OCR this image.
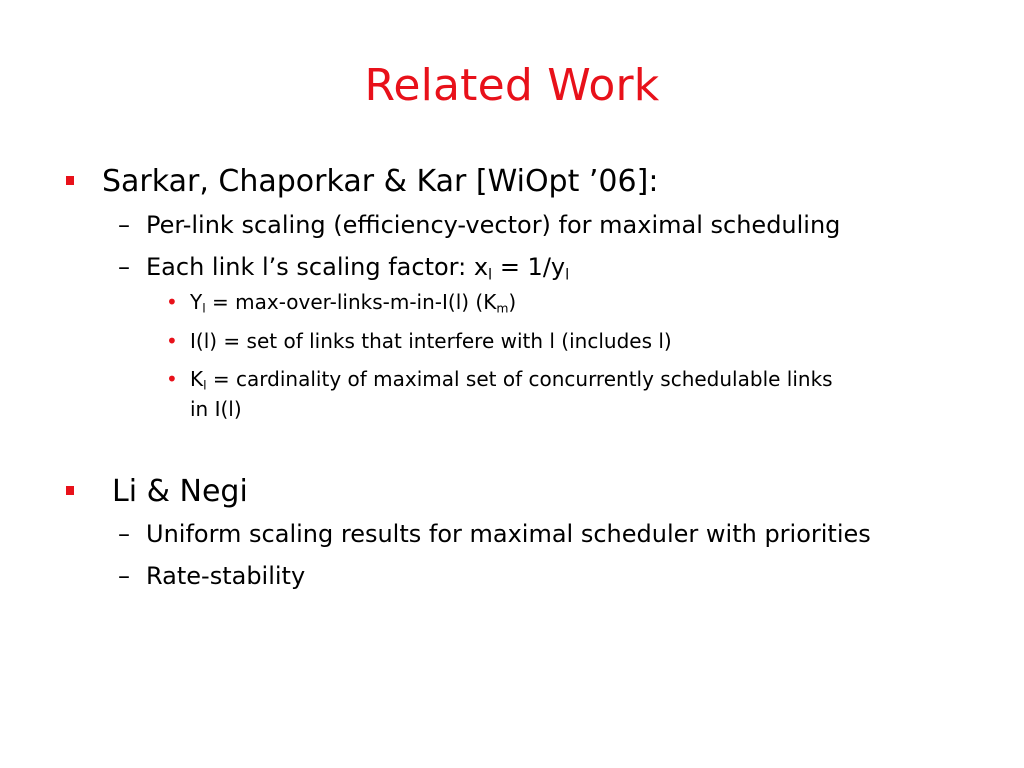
Related Work
Sarkar, Chaporkar & Kar [WiOpt ’06]:
– Per-link scaling (efficiency-vector) for maximal scheduling
– Each link l’s scaling factor: $x_l = 1/y_l$
• $Y_l$ = max-over-links-m-in-I(l) $(K_m)$
• I(l) = set of links that interfere with l (includes l)
• $K_l$ = cardinality of maximal set of concurrently schedulable links
in I(l)
Li & Negi
– Uniform scaling results for maximal scheduler with priorities
– Rate-stability
